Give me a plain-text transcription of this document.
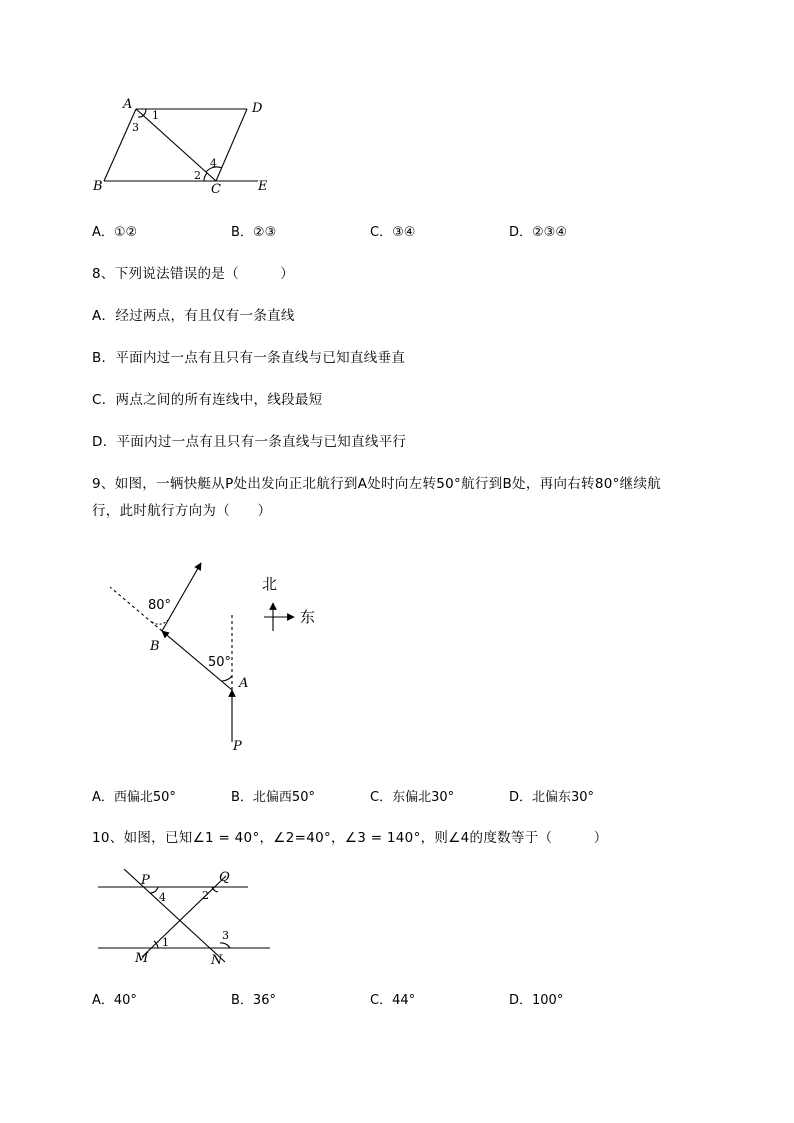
A	D
B	C	E
1
3
4
2
A．①②	B．②③	C．③④	D．②③④
8、下列说法错误的是（　　　）
A．经过两点，有且仅有一条直线
B．平面内过一点有且只有一条直线与已知直线垂直
C．两点之间的所有连线中，线段最短
D．平面内过一点有且只有一条直线与已知直线平行
9、如图，一辆快艇从P处出发向正北航行到A处时向左转50°航行到B处，再向右转80°继续航
行，此时航行方向为（　　）
80°
B
50°
A
P
北
东
A．西偏北50°	B．北偏西50°	C．东偏北30°	D．北偏东30°
10、如图，已知∠1 = 40°，∠2=40°，∠3 = 140°，则∠4的度数等于（　　　）
P	Q
4	2
1
3
M	N
A．40°	B．36°	C．44°	D．100°
